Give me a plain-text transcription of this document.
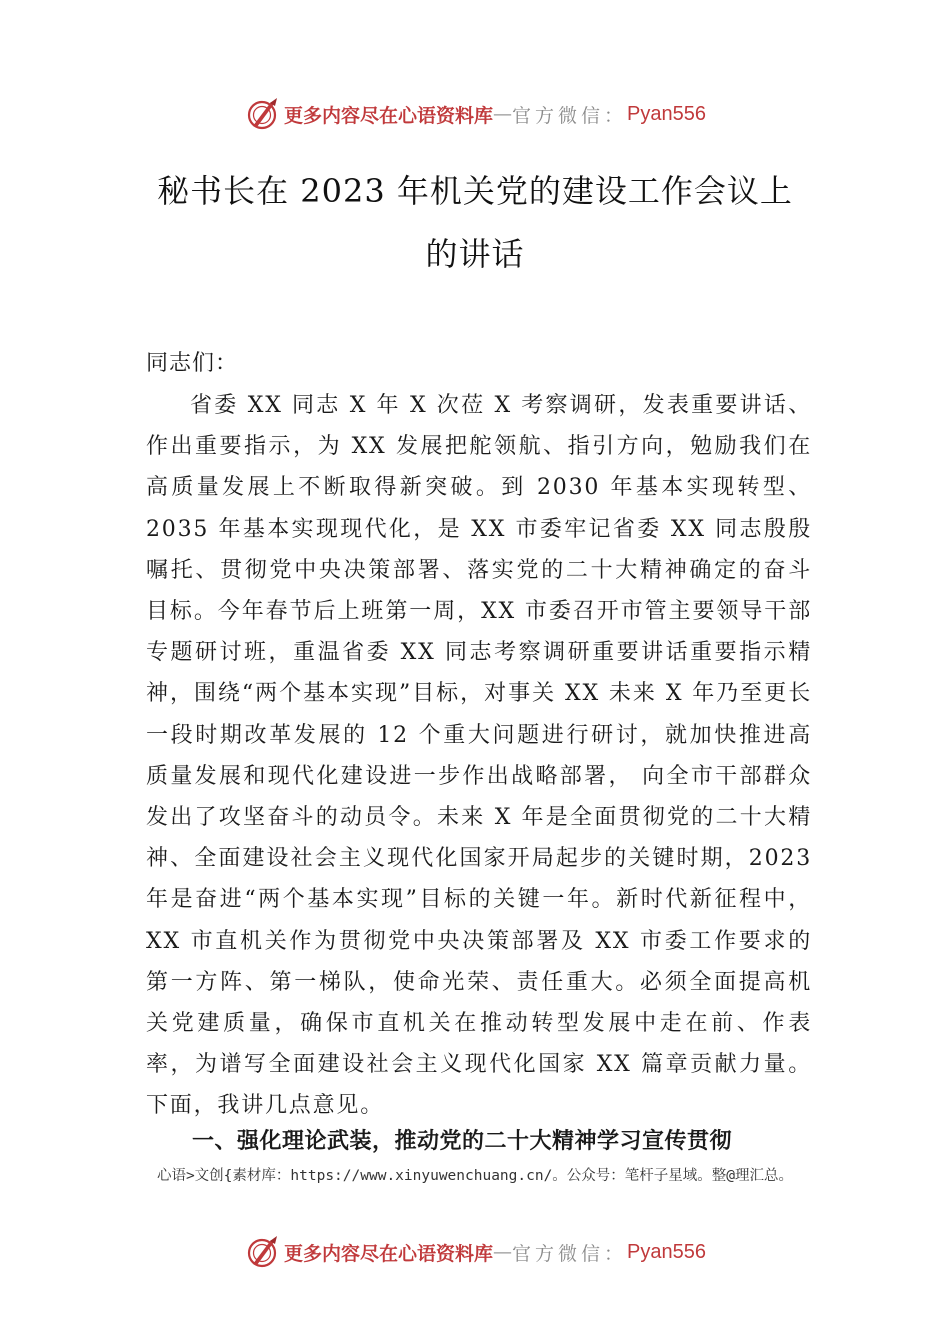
更多内容尽在心语资料库 — 官方微信： Pyan556
秘书长在 2023 年机关党的建设工作会议上
的讲话
同志们：

省委 XX 同志 X 年 X 次莅 X 考察调研，发表重要讲话、作出重要指示，为 XX 发展把舵领航、指引方向，勉励我们在高质量发展上不断取得新突破。到 2030 年基本实现转型、2035 年基本实现现代化，是 XX 市委牢记省委 XX 同志殷殷嘱托、贯彻党中央决策部署、落实党的二十大精神确定的奋斗目标。今年春节后上班第一周，XX 市委召开市管主要领导干部专题研讨班，重温省委 XX 同志考察调研重要讲话重要指示精神，围绕“两个基本实现”目标，对事关 XX 未来 X 年乃至更长一段时期改革发展的 12 个重大问题进行研讨，就加快推进高质量发展和现代化建设进一步作出战略部署， 向全市干部群众发出了攻坚奋斗的动员令。未来 X 年是全面贯彻党的二十大精神、全面建设社会主义现代化国家开局起步的关键时期，2023 年是奋进“两个基本实现”目标的关键一年。新时代新征程中，XX 市直机关作为贯彻党中央决策部署及 XX 市委工作要求的第一方阵、第一梯队，使命光荣、责任重大。必须全面提高机关党建质量，确保市直机关在推动转型发展中走在前、作表率，为谱写全面建设社会主义现代化国家 XX 篇章贡献力量。下面，我讲几点意见。

一、强化理论武装，推动党的二十大精神学习宣传贯彻
心语>文创{素材库：https://www.xinyuwenchuang.cn/。公众号：笔杆子星域。整@理汇总。
更多内容尽在心语资料库 — 官方微信： Pyan556
